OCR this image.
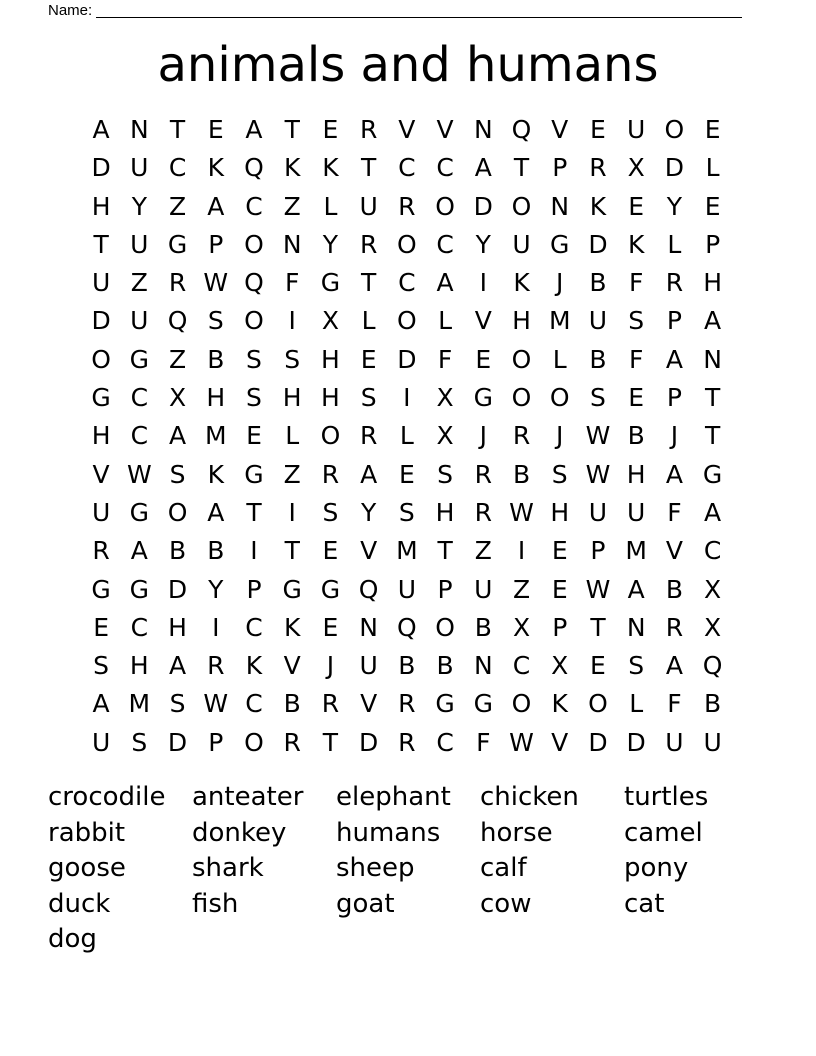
Name:
animals and humans
A N T E A T E R V V N Q V E U O E
D U C K Q K K T C C A T P R X D L
H Y Z A C Z L U R O D O N K E Y E
T U G P O N Y R O C Y U G D K L P
U Z R W Q F G T C A	I	K	J	B F R H
D U Q S O I	X L O L V H M U S P A
O G Z B S S H E D F E O L B F A N
G C X H S H H S	I	X G O O S E P T
H C A M E L O R L X	J	R	J W B	J	T
V W S K G Z R A E S R B S W H A G
U G O A T	I	S Y S H R W H U U F A
R A B B	I	T E V M T Z	I	E P M V C
G G D Y P G G Q U P U Z E W A B X
E C H	I	C K E N Q O B X P T N R X
S H A R K V	J	U B B N C X E S A Q
A M S W C B R V R G G O K O L F B
U S D P O R T D R C F W V D D U U
crocodile	anteater	elephant	chicken	turtles
rabbit	donkey	humans	horse	camel
goose	shark	sheep	calf	pony
duck	fish	goat	cow	cat
dog
